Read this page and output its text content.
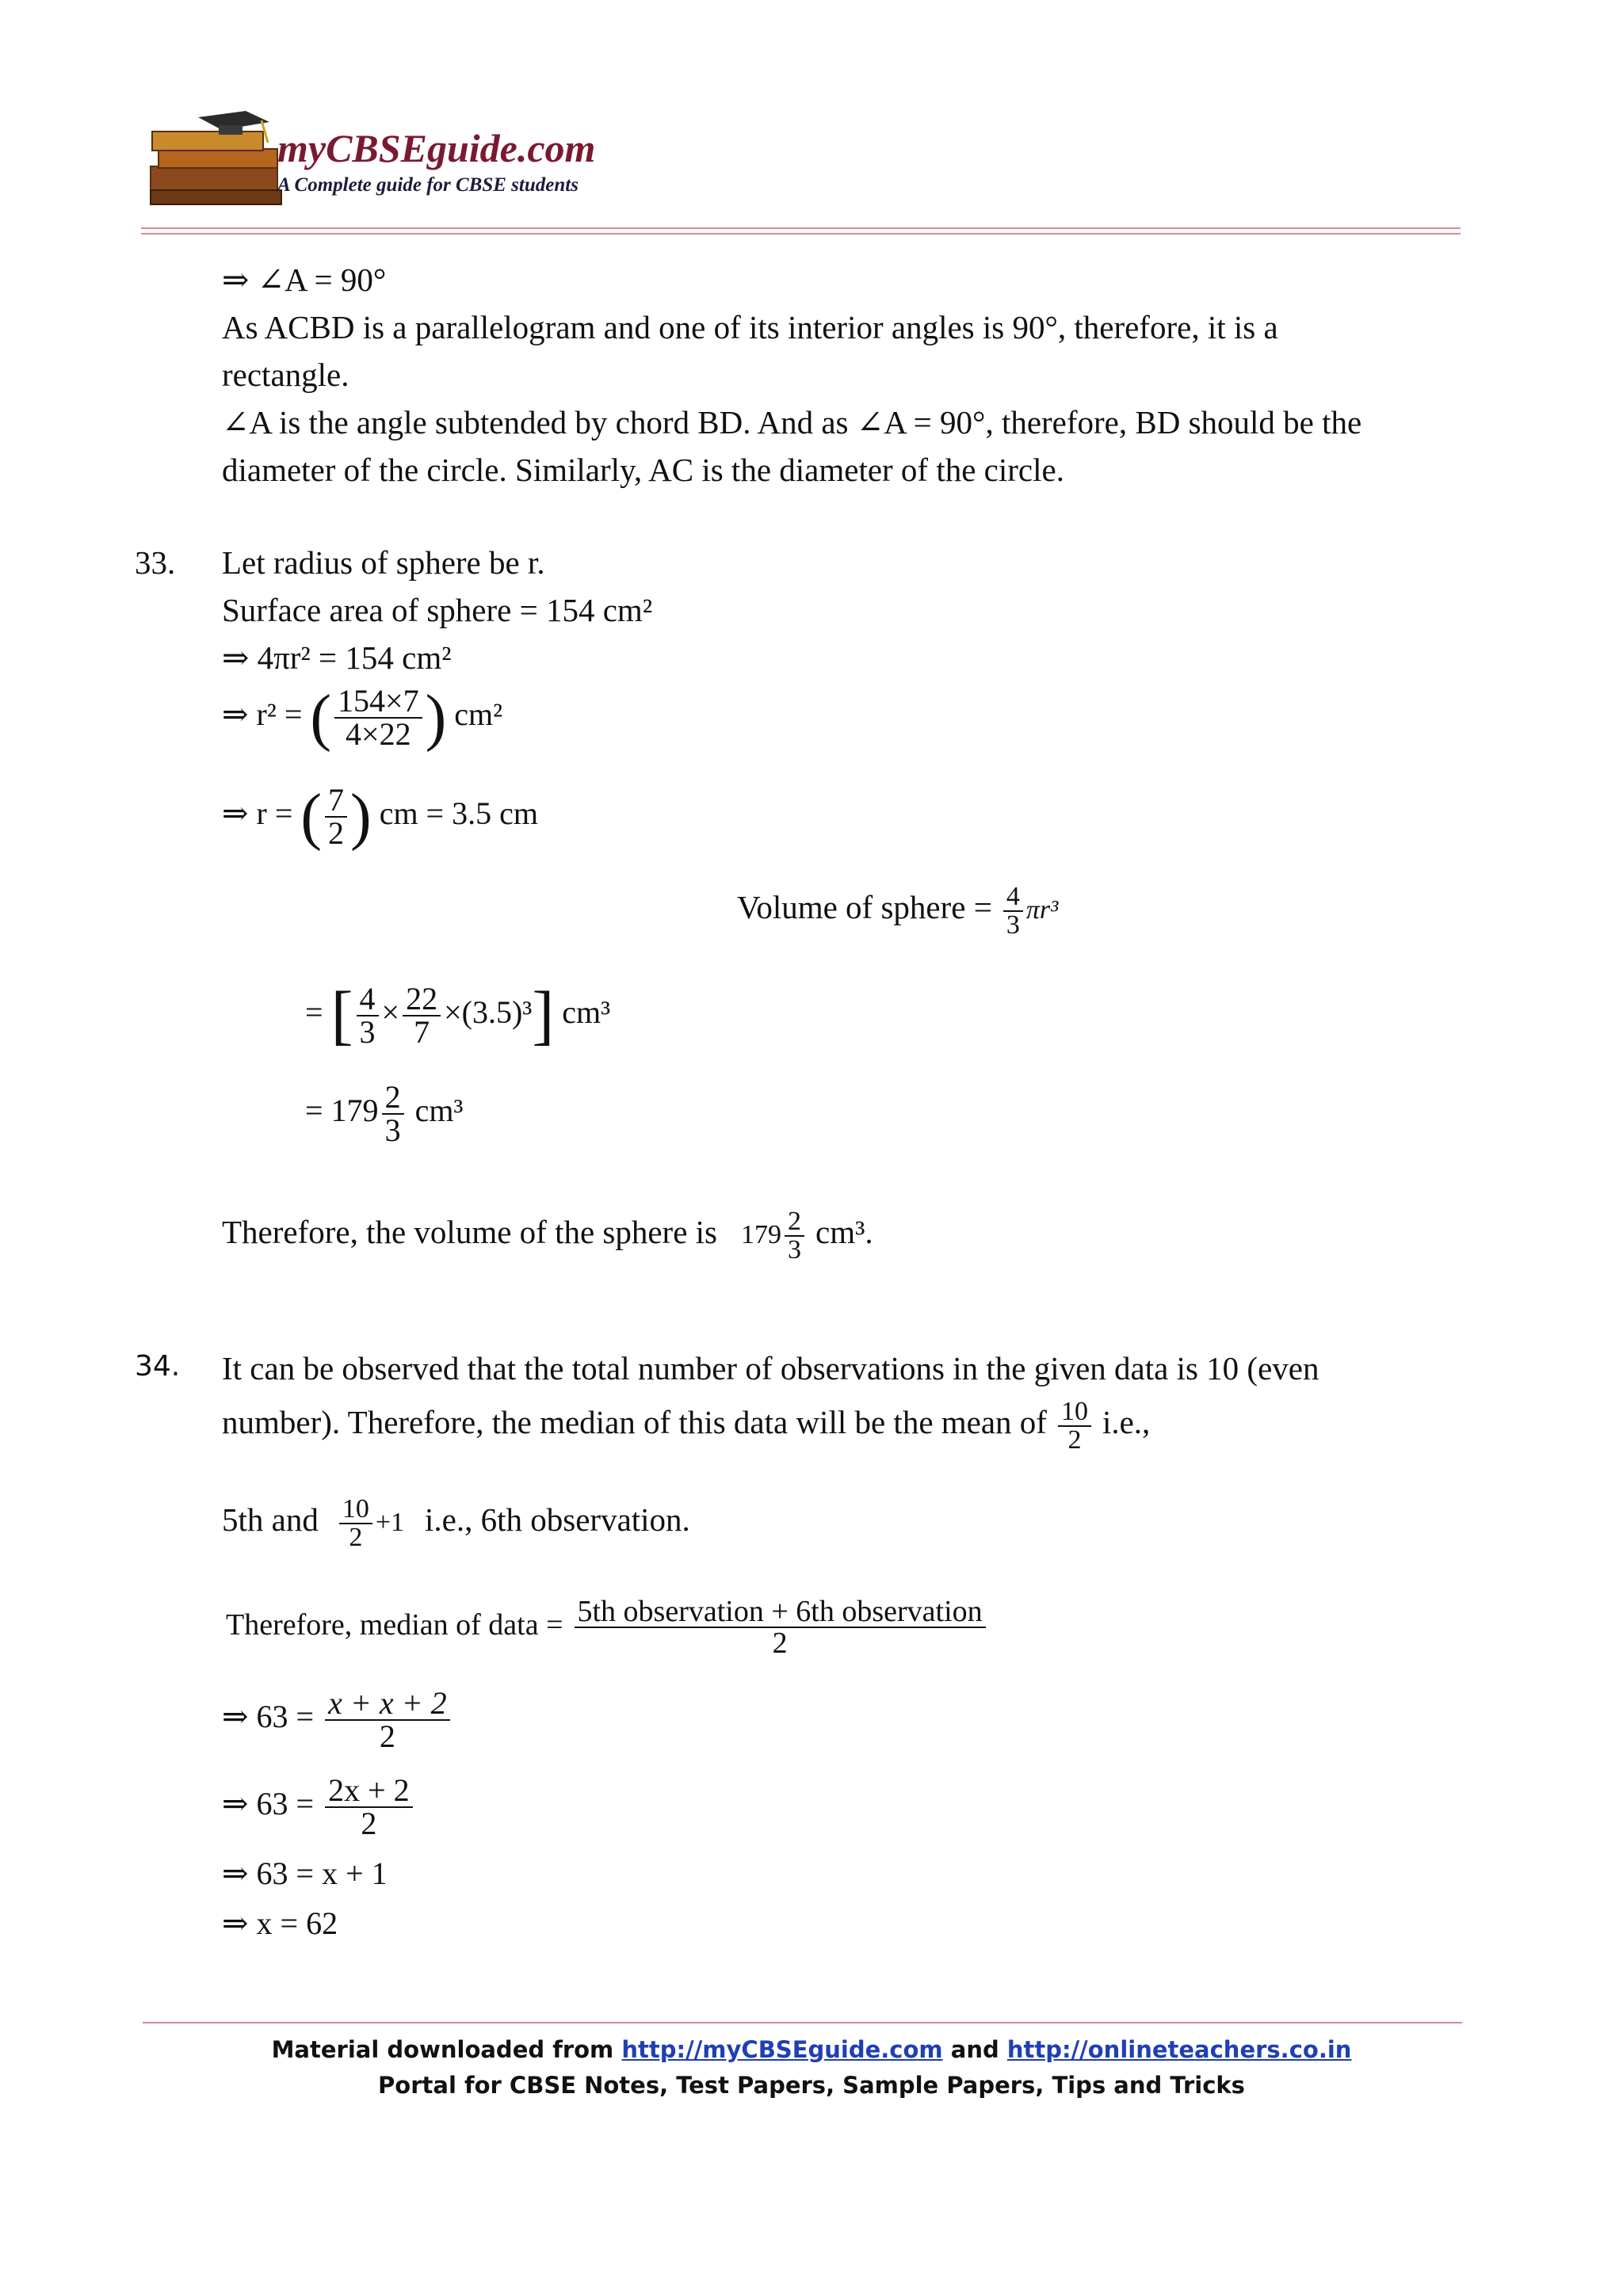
myCBSEguide.com
A Complete guide for CBSE students
⇒ ∠A = 90°
As ACBD is a parallelogram and one of its interior angles is 90°, therefore, it is a
rectangle.
∠A is the angle subtended by chord BD. And as ∠A = 90°, therefore, BD should be the
diameter of the circle. Similarly, AC is the diameter of the circle.
33. Let radius of sphere be r.
Surface area of sphere = 154 cm²
⇒ 4πr² = 154 cm²
⇒ r² = ( $\frac{154\times 7}{4\times 22}$ ) cm²
⇒ r = ( $\frac{7}{2}$ ) cm = 3.5 cm
Volume of sphere = $\frac{4}{3} \pi r^3$
= [ $\frac{4}{3} \times \frac{22}{7} \times(3.5)^3$] cm³
= $179 \frac{2}{3} cm^3$
Therefore, the volume of the sphere is $179 \frac{2}{3} cm^3$.
34. It can be observed that the total number of observations in the given data is 10 (even
number). Therefore, the median of this data will be the mean of $\frac{10}{2} i.e$.,
5th and $\frac{10}{2} +1$ i.e., 6th observation.
Therefore, median of data = $\frac{\text{5th observation + 6th observation}}{2}$
⇒ $63 = \frac{x + x + 2}{2}$
⇒ $63 = \frac{2x + 2}{2}$
⇒ 63 = x + 1
⇒ x = 62
Material downloaded from http://myCBSEguide.com and http://onlineteachers.co.in
Portal for CBSE Notes, Test Papers, Sample Papers, Tips and Tricks
